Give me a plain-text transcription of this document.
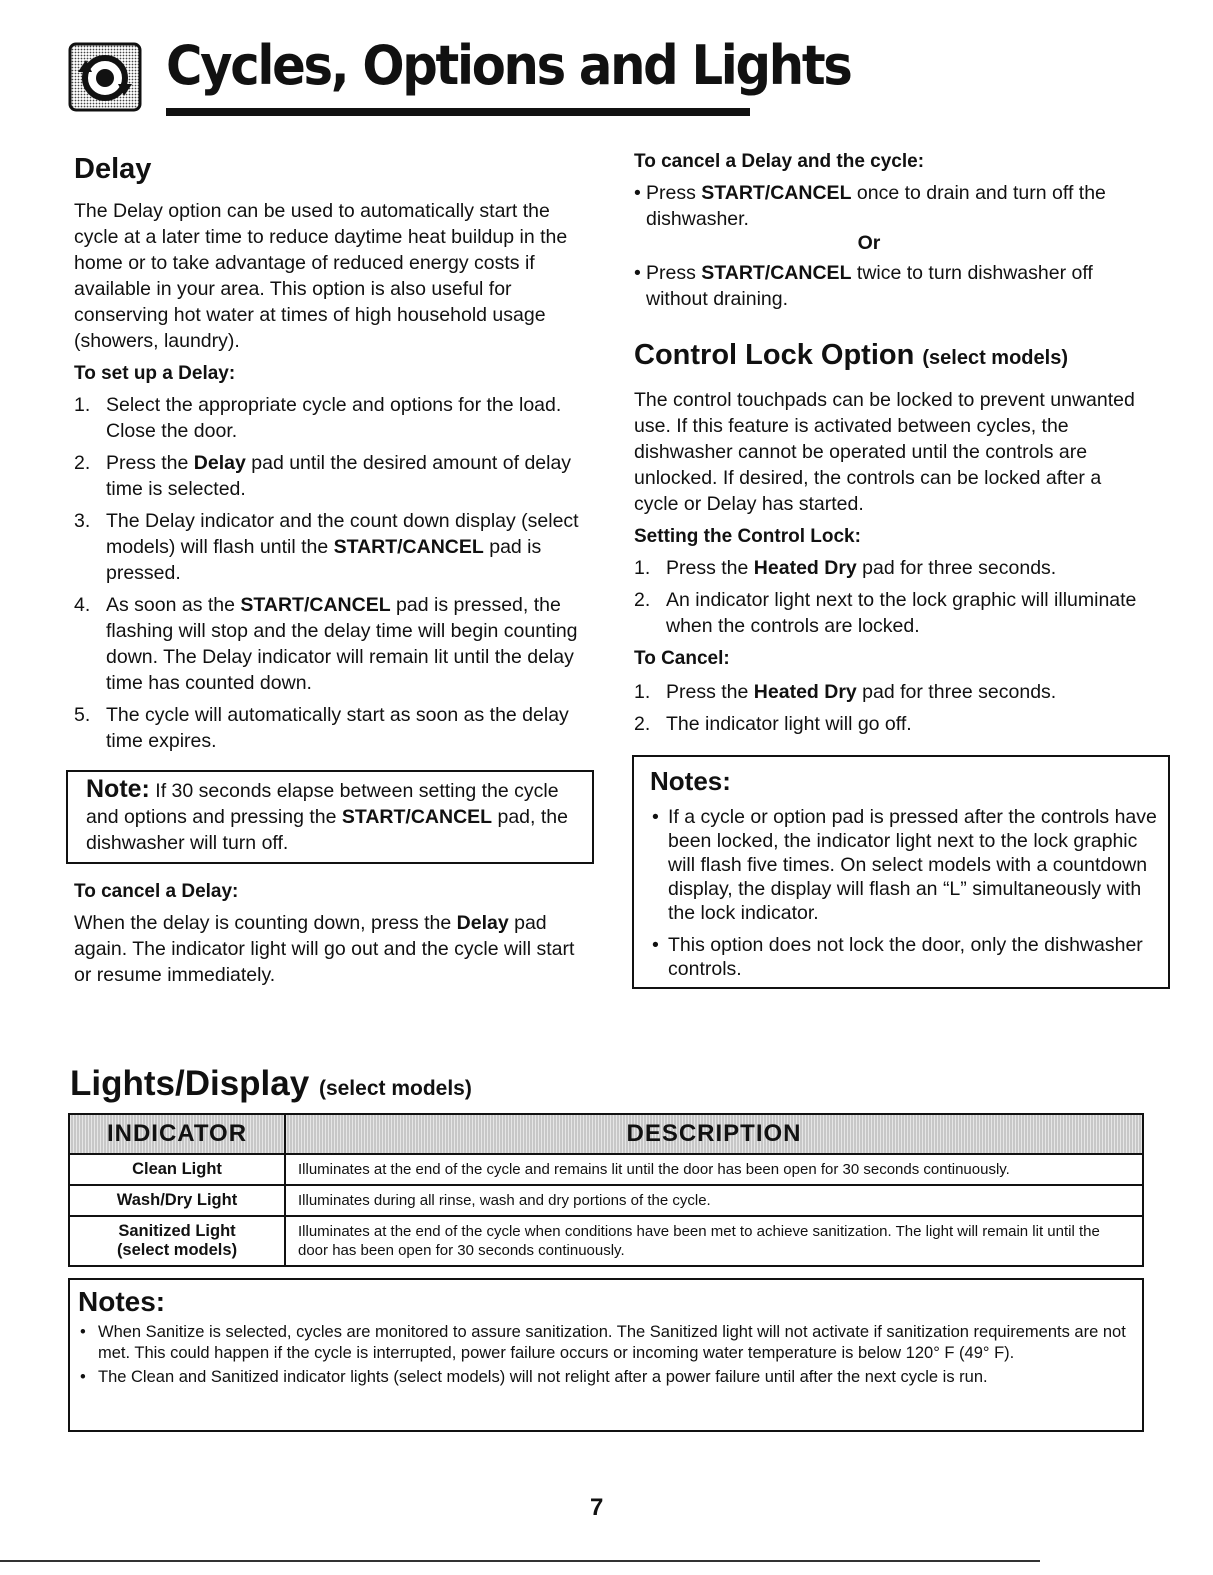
Cycles, Options and Lights
Delay

The Delay option can be used to automatically start the cycle at a later time to reduce daytime heat buildup in the home or to take advantage of reduced energy costs if available in your area. This option is also useful for conserving hot water at times of high household usage (showers, laundry).

To set up a Delay:
1. Select the appropriate cycle and options for the load. Close the door.
2. Press the Delay pad until the desired amount of delay time is selected.
3. The Delay indicator and the count down display (select models) will flash until the START/CANCEL pad is pressed.
4. As soon as the START/CANCEL pad is pressed, the flashing will stop and the delay time will begin counting down. The Delay indicator will remain lit until the delay time has counted down.
5. The cycle will automatically start as soon as the delay time expires.
Note: If 30 seconds elapse between setting the cycle and options and pressing the START/CANCEL pad, the dishwasher will turn off.
To cancel a Delay:

When the delay is counting down, press the Delay pad again. The indicator light will go out and the cycle will start or resume immediately.

To cancel a Delay and the cycle:
• Press START/CANCEL once to drain and turn off the dishwasher.
Or
• Press START/CANCEL twice to turn dishwasher off without draining.
Control Lock Option (select models)

The control touchpads can be locked to prevent unwanted use. If this feature is activated between cycles, the dishwasher cannot be operated until the controls are unlocked. If desired, the controls can be locked after a cycle or Delay has started.

Setting the Control Lock:
1. Press the Heated Dry pad for three seconds.
2. An indicator light next to the lock graphic will illuminate when the controls are locked.
To Cancel:
1. Press the Heated Dry pad for three seconds.
2. The indicator light will go off.
Notes:
• If a cycle or option pad is pressed after the controls have been locked, the indicator light next to the lock graphic will flash five times. On select models with a countdown display, the display will flash an “L” simultaneously with the lock indicator.
• This option does not lock the door, only the dishwasher controls.
Lights/Display (select models)
INDICATOR	DESCRIPTION
Clean Light	Illuminates at the end of the cycle and remains lit until the door has been open for 30 seconds continuously.
Wash/Dry Light	Illuminates during all rinse, wash and dry portions of the cycle.

Sanitized Light
(select models)	Illuminates at the end of the cycle when conditions have been met to achieve sanitization. The light will remain lit until the door has been open for 30 seconds continuously.
Notes:
• When Sanitize is selected, cycles are monitored to assure sanitization. The Sanitized light will not activate if sanitization requirements are not met. This could happen if the cycle is interrupted, power failure occurs or incoming water temperature is below 120° F (49° F).
• The Clean and Sanitized indicator lights (select models) will not relight after a power failure until after the next cycle is run.
7
